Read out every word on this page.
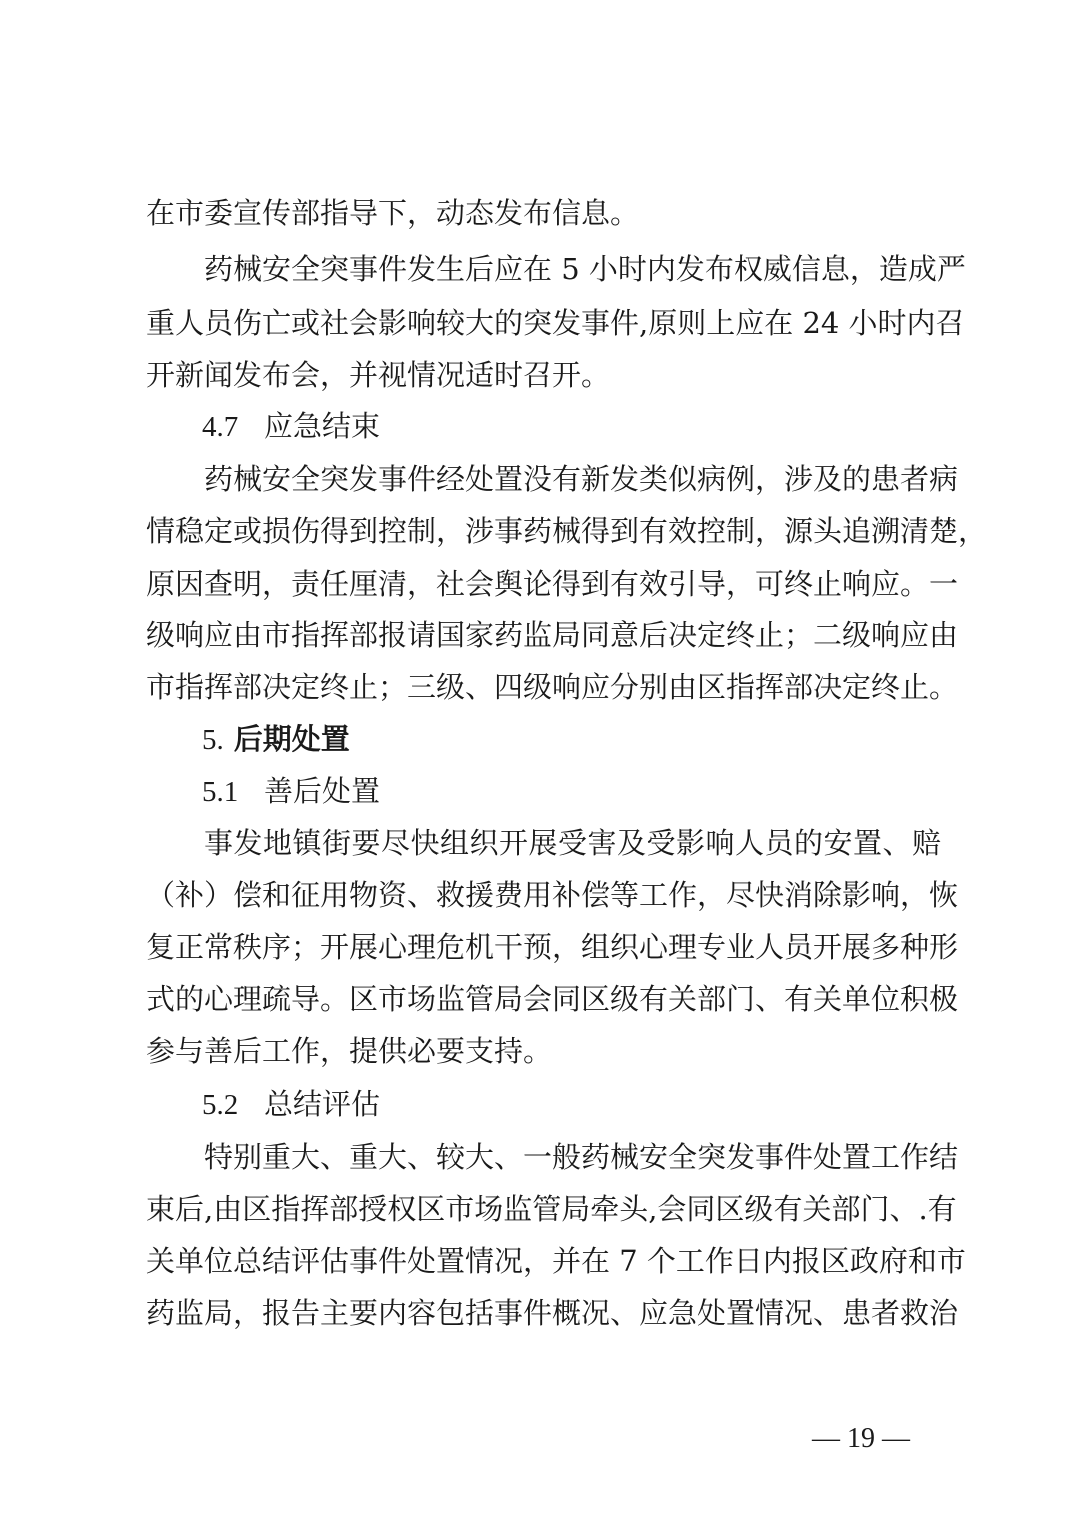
在市委宣传部指导下，动态发布信息。
药械安全突事件发生后应在 5 小时内发布权威信息，造成严
重人员伤亡或社会影响较大的突发事件,原则上应在 24 小时内召
开新闻发布会，并视情况适时召开。
4.7 应急结束
药械安全突发事件经处置没有新发类似病例，涉及的患者病
情稳定或损伤得到控制，涉事药械得到有效控制，源头追溯清楚，
原因查明，责任厘清，社会舆论得到有效引导，可终止响应。一
级响应由市指挥部报请国家药监局同意后决定终止；二级响应由
市指挥部决定终止；三级、四级响应分别由区指挥部决定终止。
5. 后期处置
5.1 善后处置
事发地镇街要尽快组织开展受害及受影响人员的安置、赔
（补）偿和征用物资、救援费用补偿等工作，尽快消除影响，恢
复正常秩序；开展心理危机干预，组织心理专业人员开展多种形
式的心理疏导。区市场监管局会同区级有关部门、有关单位积极
参与善后工作，提供必要支持。
5.2 总结评估
特别重大、重大、较大、一般药械安全突发事件处置工作结
束后,由区指挥部授权区市场监管局牵头,会同区级有关部门、.有
关单位总结评估事件处置情况，并在 7 个工作日内报区政府和市
药监局，报告主要内容包括事件概况、应急处置情况、患者救治
— 19 —
